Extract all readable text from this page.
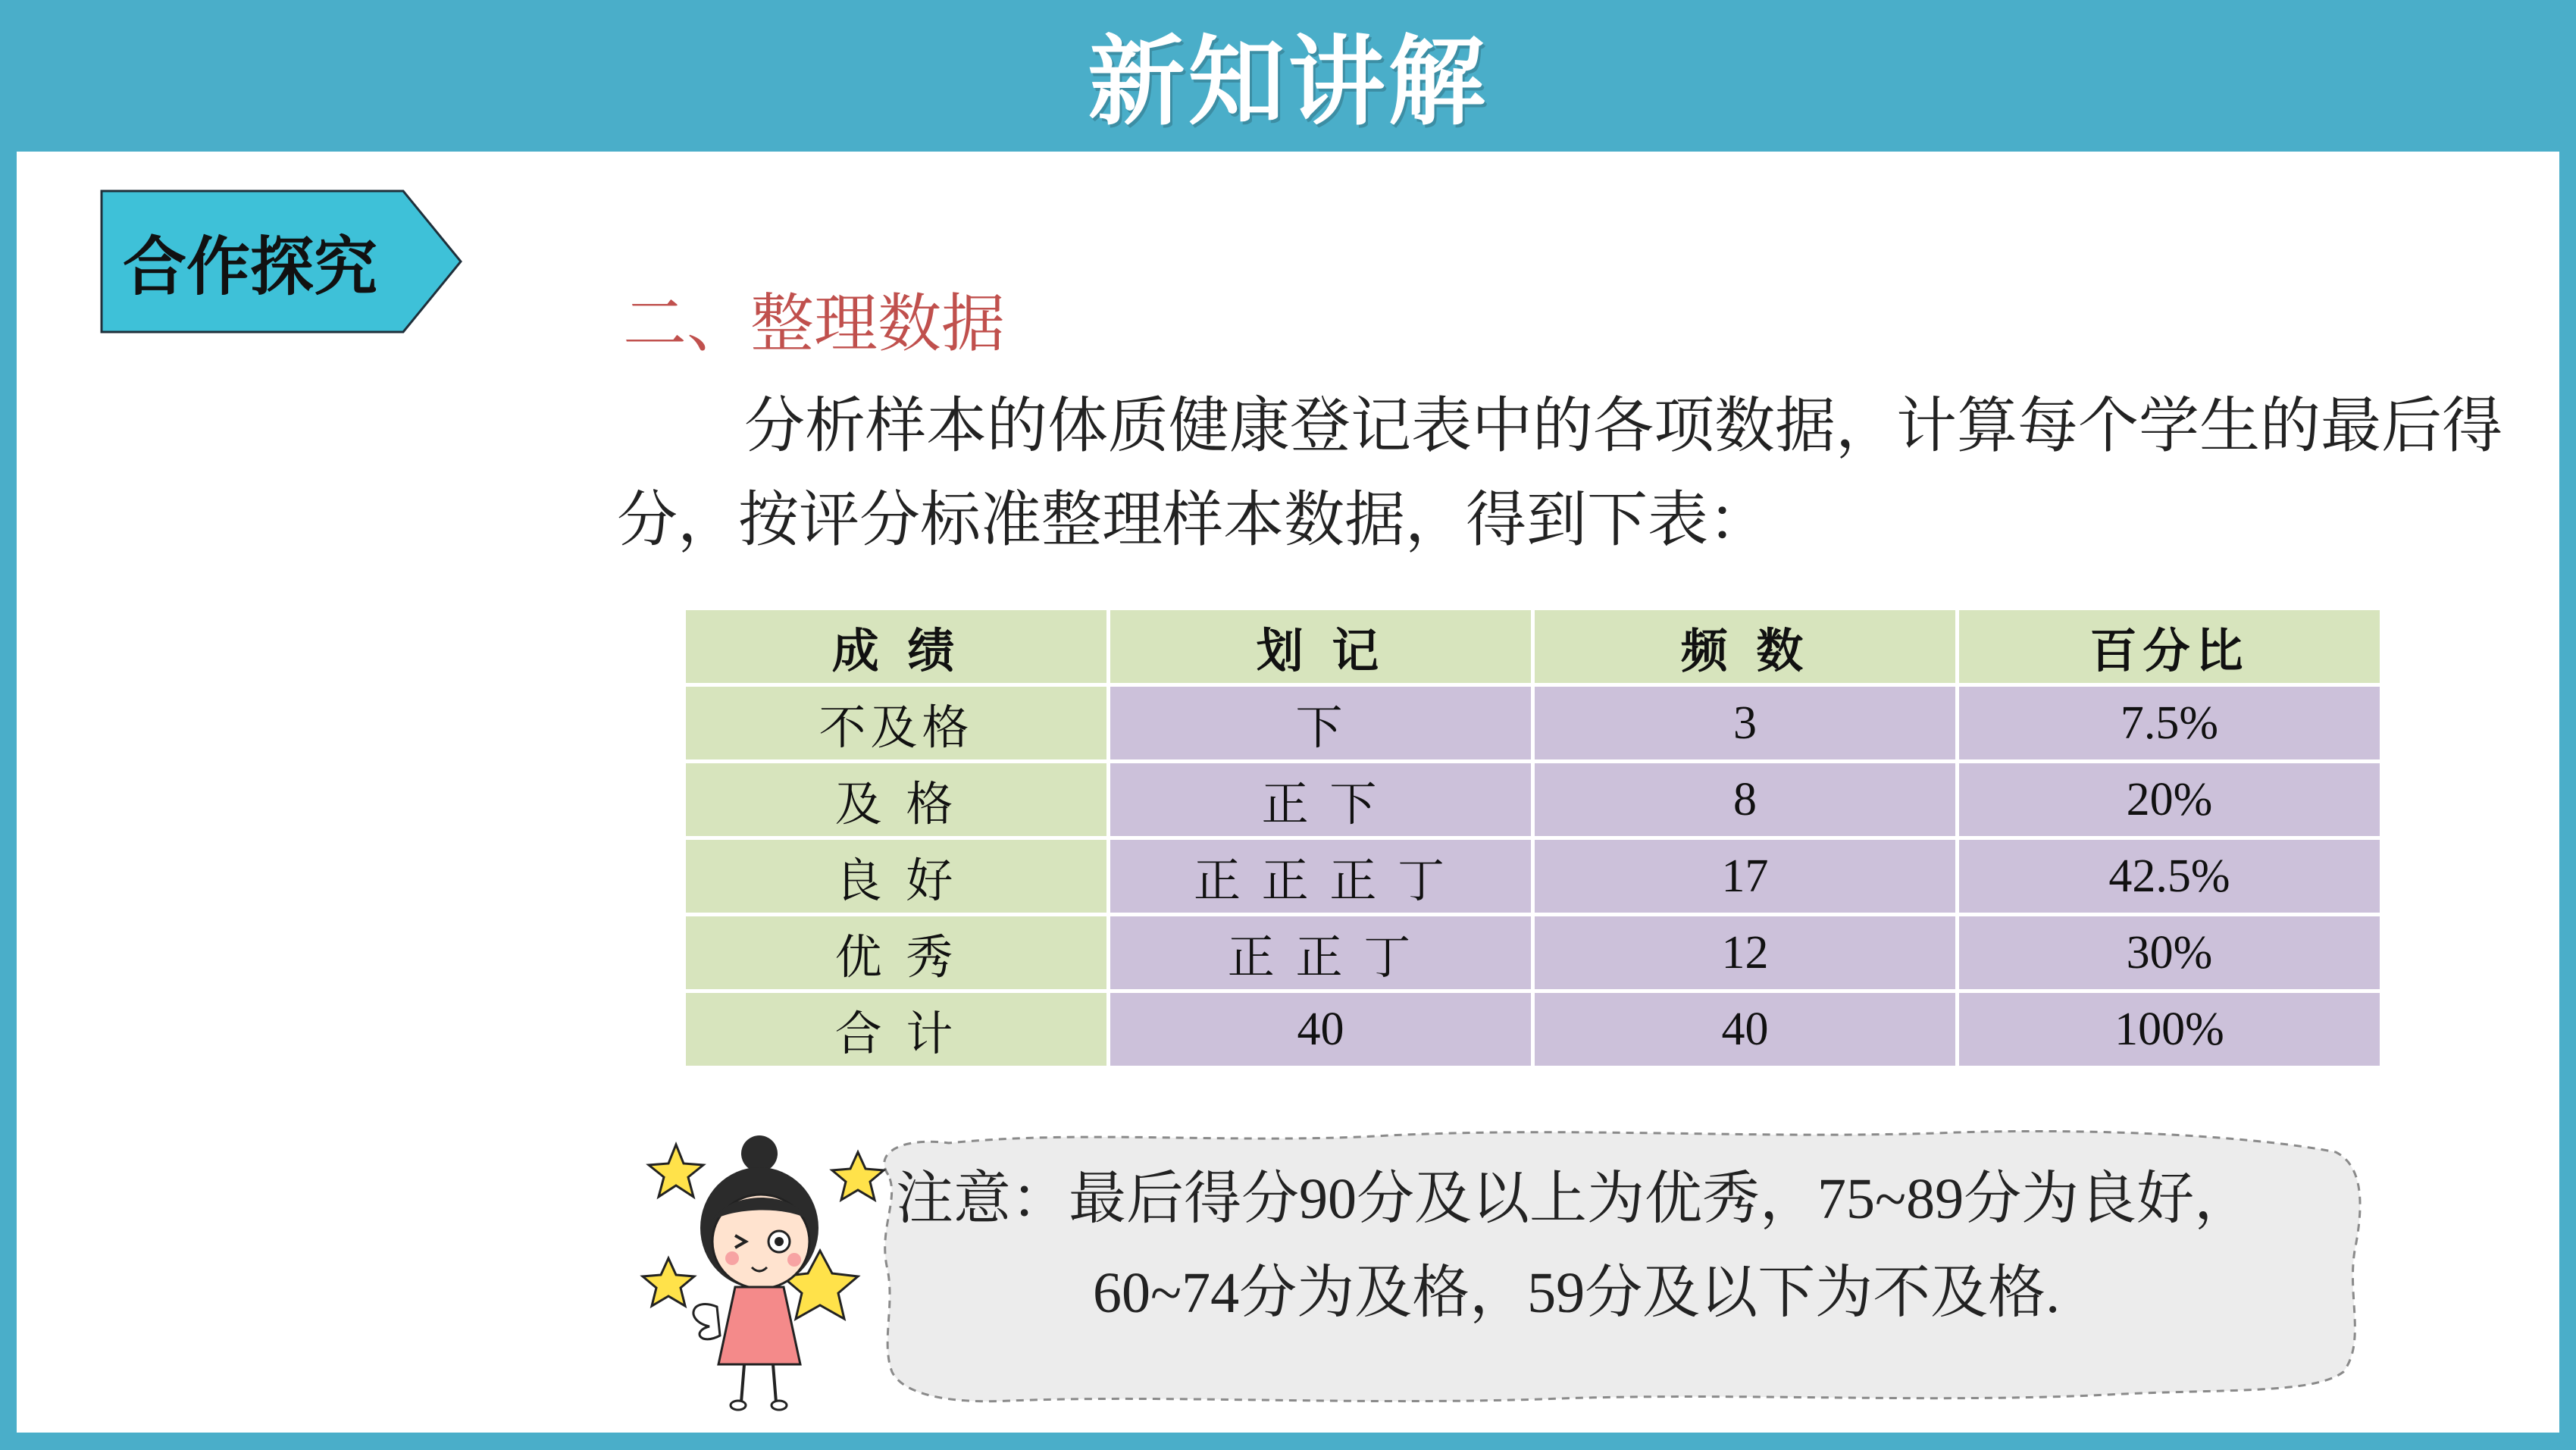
新知讲解
合作探究
二、整理数据
分析样本的体质健康登记表中的各项数据，计算每个学生的最后得分，按评分标准整理样本数据，得到下表：
成 绩	划 记	频 数	百分比
不及格	下	3	7.5%
及 格	正 下	8	20%
良 好	正 正 正 丁	17	42.5%
优 秀	正 正 丁	12	30%
合 计	40	40	100%
注意：最后得分90分及以上为优秀，75~89分为良好，
60~74分为及格，59分及以下为不及格.
